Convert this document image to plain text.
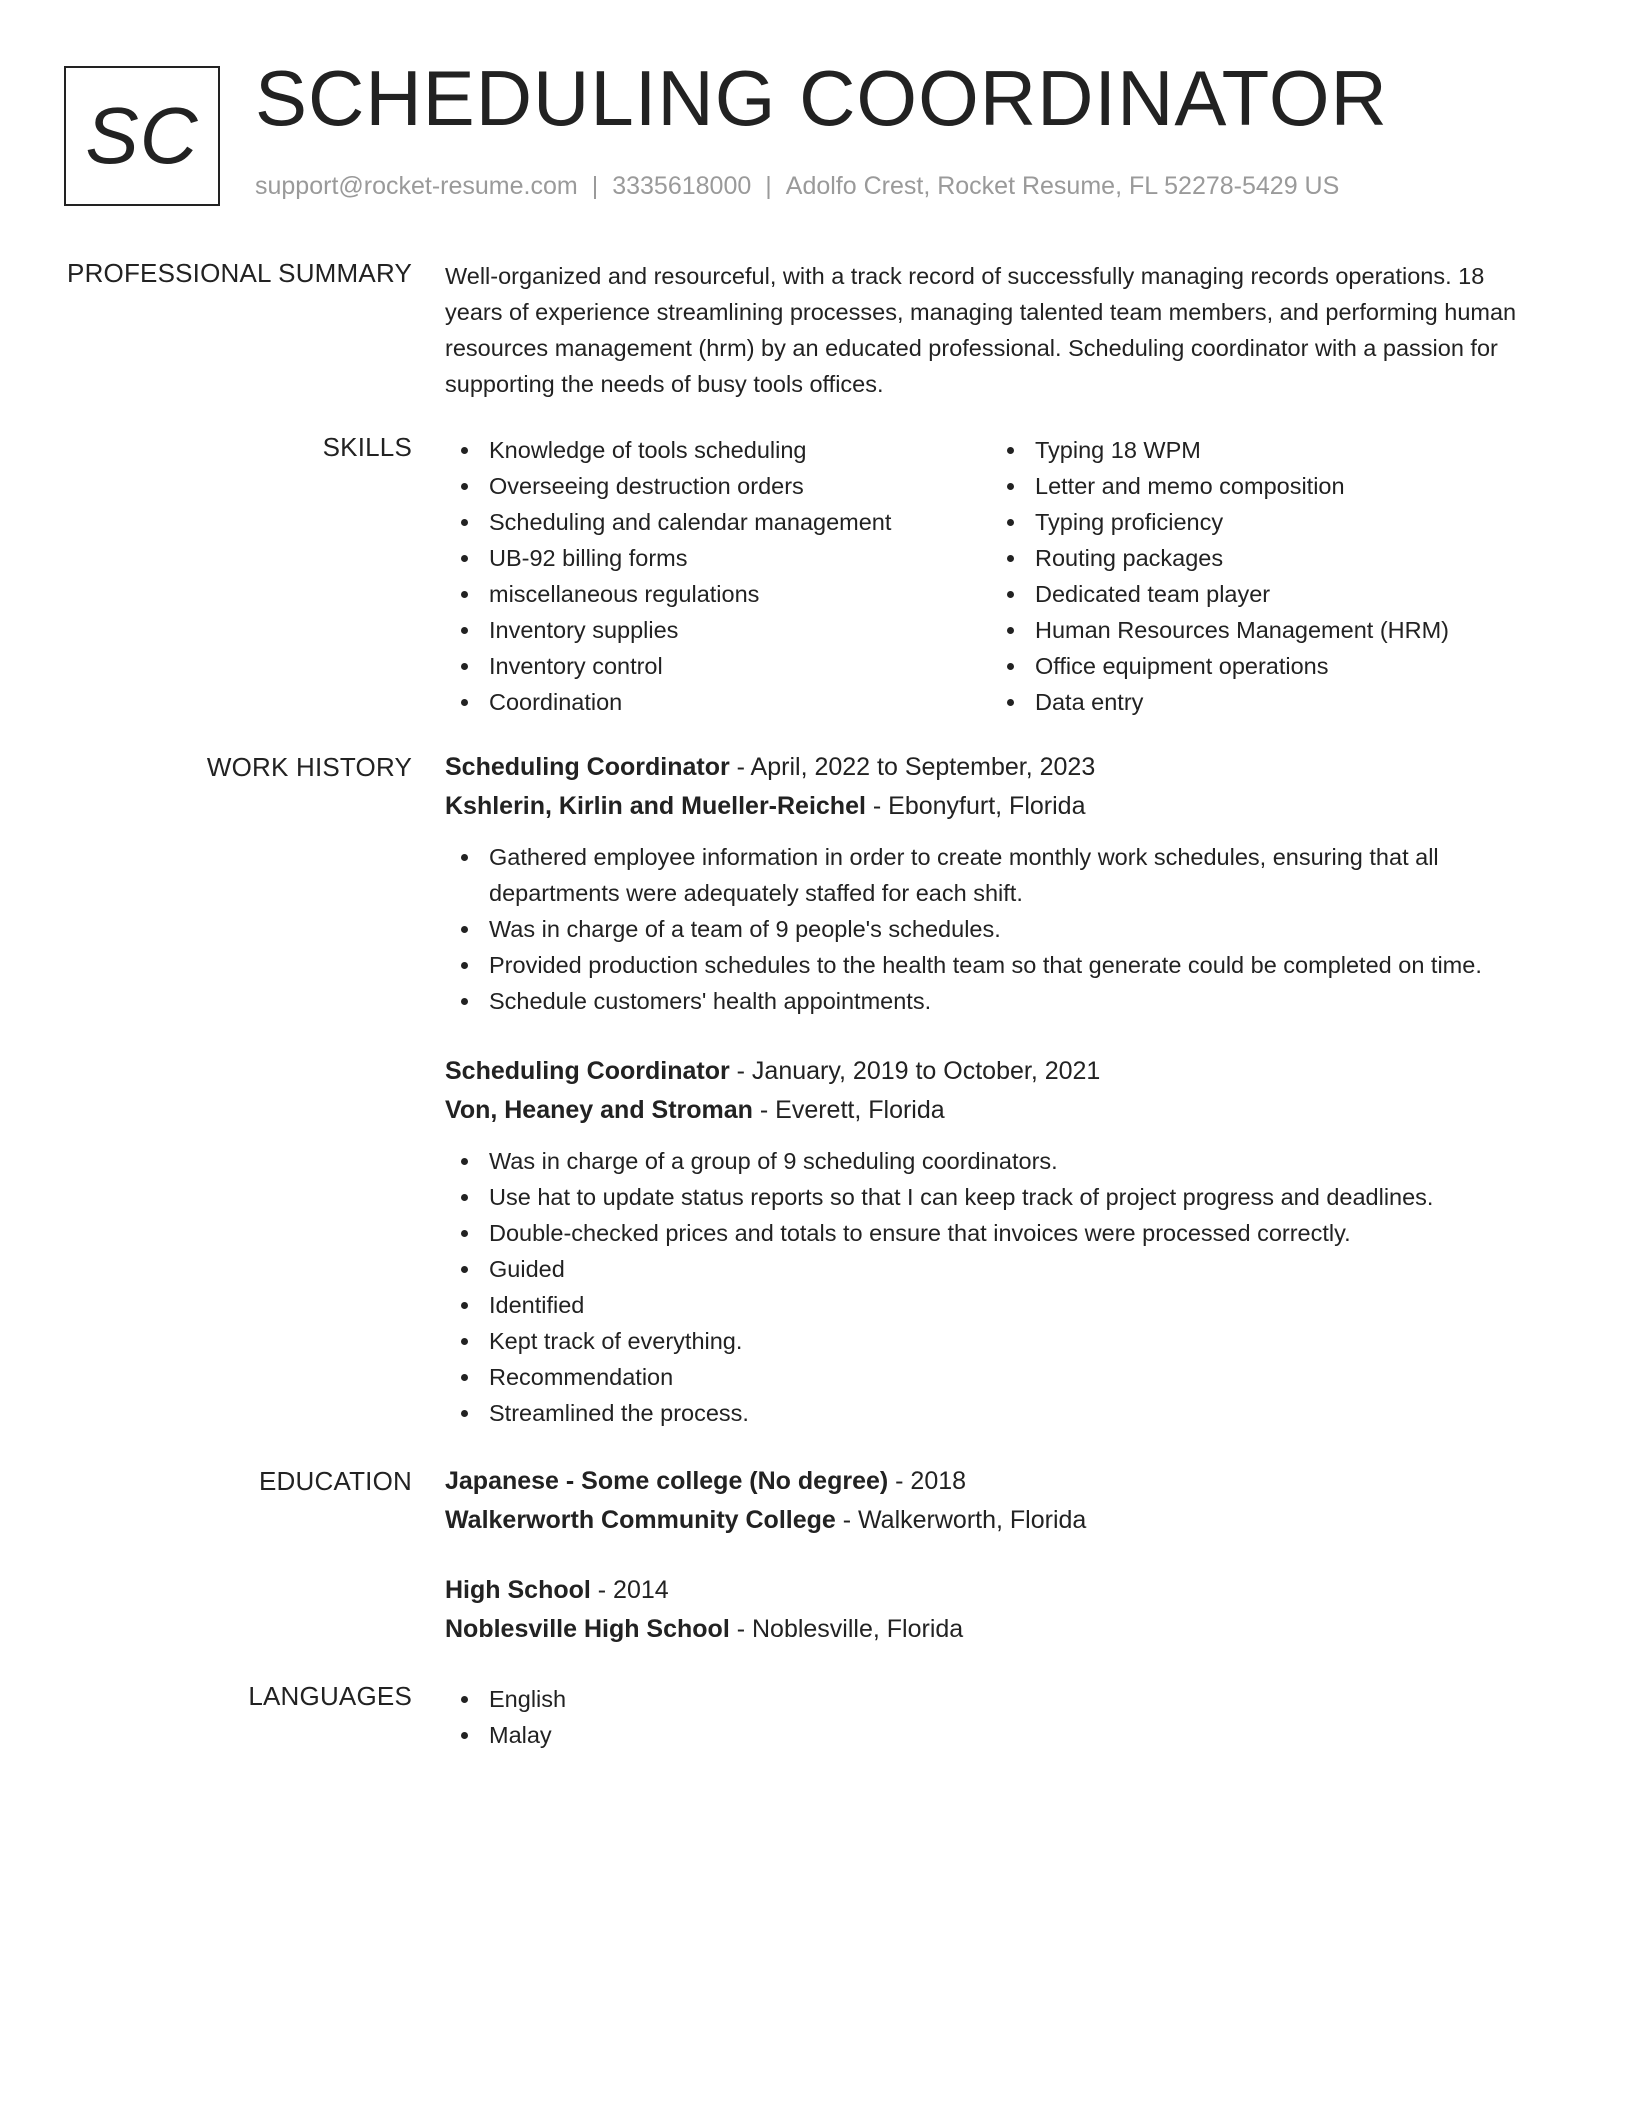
SC SCHEDULING COORDINATOR
support@rocket-resume.com | 3335618000 | Adolfo Crest, Rocket Resume, FL 52278-5429 US
PROFESSIONAL SUMMARY Well-organized and resourceful, with a track record of successfully managing records operations. 18 years of experience streamlining processes, managing talented team members, and performing human resources management (hrm) by an educated professional. Scheduling coordinator with a passion for supporting the needs of busy tools offices.

SKILLS	Knowledge of tools scheduling
Overseeing destruction orders
Scheduling and calendar management
UB-92 billing forms
miscellaneous regulations
Inventory supplies
Inventory control
Coordination
Typing 18 WPM
Letter and memo composition
Typing proficiency
Routing packages
Dedicated team player
Human Resources Management (HRM)
Office equipment operations
Data entry
WORK HISTORY Scheduling Coordinator - April, 2022 to September, 2023
Kshlerin, Kirlin and Mueller-Reichel - Ebonyfurt, Florida
Gathered employee information in order to create monthly work schedules, ensuring that all departments were adequately staffed for each shift.
Was in charge of a team of 9 people's schedules.
Provided production schedules to the health team so that generate could be completed on time.
Schedule customers' health appointments.
Scheduling Coordinator - January, 2019 to October, 2021
Von, Heaney and Stroman - Everett, Florida
Was in charge of a group of 9 scheduling coordinators.
Use hat to update status reports so that I can keep track of project progress and deadlines.
Double-checked prices and totals to ensure that invoices were processed correctly.
Guided
Identified
Kept track of everything.
Recommendation
Streamlined the process.
EDUCATION Japanese - Some college (No degree) - 2018
Walkerworth Community College - Walkerworth, Florida
High School - 2014
Noblesville High School - Noblesville, Florida
LANGUAGES	English
Malay
